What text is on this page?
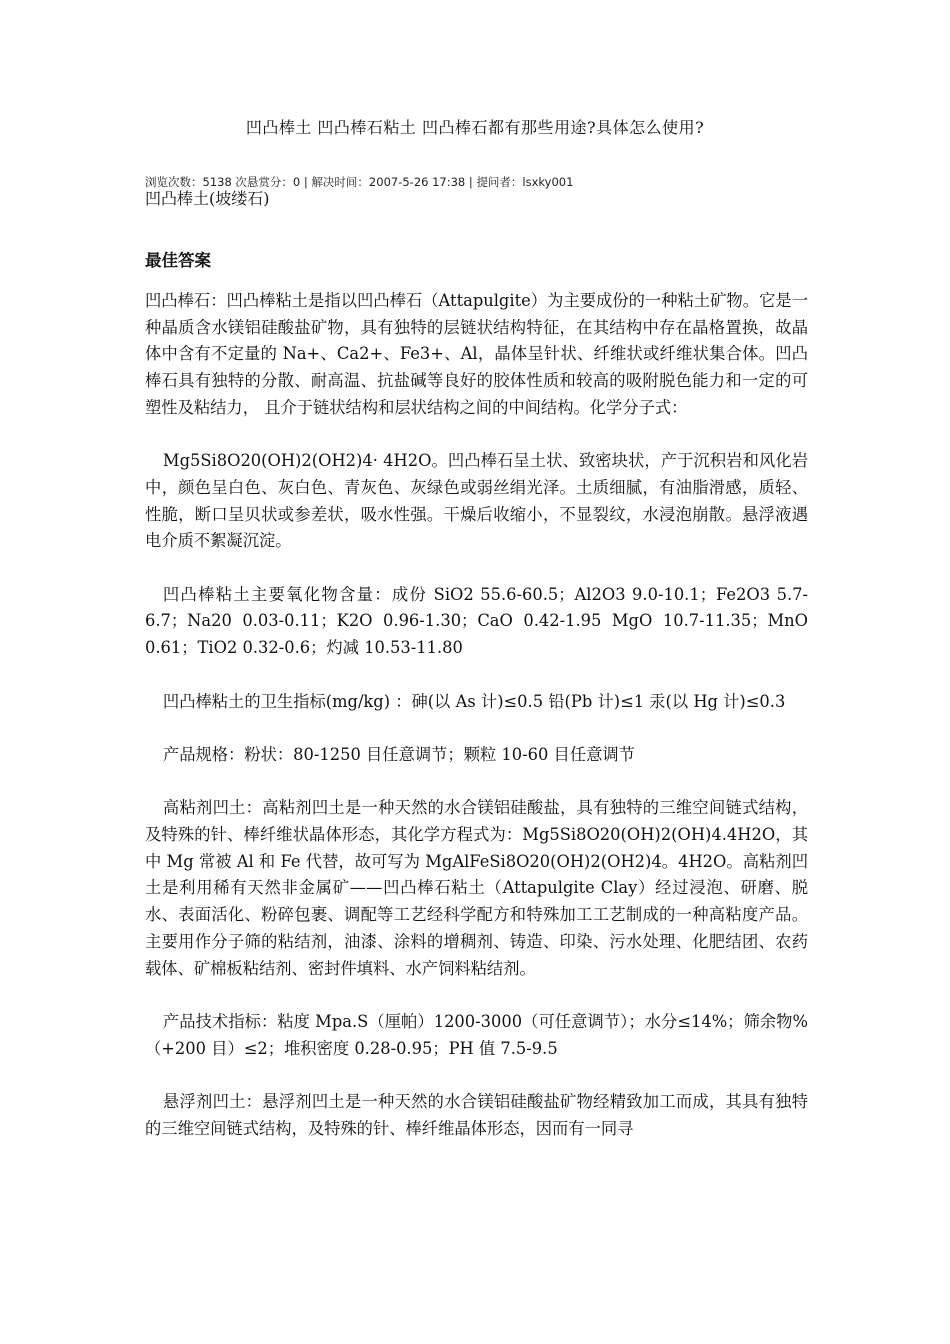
凹凸棒土 凹凸棒石粘土 凹凸棒石都有那些用途?具体怎么使用?
浏览次数：5138 次悬赏分：0 | 解决时间：2007-5-26 17:38 | 提问者：lsxky001
凹凸棒土(坡缕石)
最佳答案

凹凸棒石：凹凸棒粘土是指以凹凸棒石（Attapulgite）为主要成份的一种粘土矿物。它是一种晶质含水镁铝硅酸盐矿物，具有独特的层链状结构特征，在其结构中存在晶格置换，故晶体中含有不定量的 Na+、Ca2+、Fe3+、Al，晶体呈针状、纤维状或纤维状集合体。凹凸棒石具有独特的分散、耐高温、抗盐碱等良好的胶体性质和较高的吸附脱色能力和一定的可塑性及粘结力， 且介于链状结构和层状结构之间的中间结构。化学分子式：

Mg5Si8O20(OH)2(OH2)4· 4H2O。凹凸棒石呈土状、致密块状，产于沉积岩和风化岩中，颜色呈白色、灰白色、青灰色、灰绿色或弱丝绢光泽。土质细腻，有油脂滑感，质轻、性脆，断口呈贝状或参差状，吸水性强。干燥后收缩小，不显裂纹，水浸泡崩散。悬浮液遇电介质不絮凝沉淀。

凹凸棒粘土主要氧化物含量：成份 SiO2 55.6-60.5；Al2O3 9.0-10.1；Fe2O3 5.7-6.7；Na20 0.03-0.11；K2O 0.96-1.30；CaO 0.42-1.95 MgO 10.7-11.35；MnO 0.61；TiO2 0.32-0.6；灼减 10.53-11.80

凹凸棒粘土的卫生指标(mg/kg) ：砷(以 As 计)≤0.5 铅(Pb 计)≤1 汞(以 Hg 计)≤0.3

产品规格：粉状：80-1250 目任意调节；颗粒 10-60 目任意调节

高粘剂凹土：高粘剂凹土是一种天然的水合镁铝硅酸盐，具有独特的三维空间链式结构，及特殊的针、棒纤维状晶体形态，其化学方程式为：Mg5Si8O20(OH)2(OH)4.4H2O，其中 Mg 常被 Al 和 Fe 代替，故可写为 MgAlFeSi8O20(OH)2(OH2)4。4H2O。高粘剂凹土是利用稀有天然非金属矿——凹凸棒石粘土（Attapulgite Clay）经过浸泡、研磨、脱水、表面活化、粉碎包裹、调配等工艺经科学配方和特殊加工工艺制成的一种高粘度产品。主要用作分子筛的粘结剂，油漆、涂料的增稠剂、铸造、印染、污水处理、化肥结团、农药载体、矿棉板粘结剂、密封件填料、水产饲料粘结剂。

产品技术指标：粘度 Mpa.S（厘帕）1200-3000（可任意调节）；水分≤14%；筛余物%（+200 目）≤2；堆积密度 0.28-0.95；PH 值 7.5-9.5

悬浮剂凹土：悬浮剂凹土是一种天然的水合镁铝硅酸盐矿物经精致加工而成，其具有独特的三维空间链式结构，及特殊的针、棒纤维晶体形态，因而有一同寻
